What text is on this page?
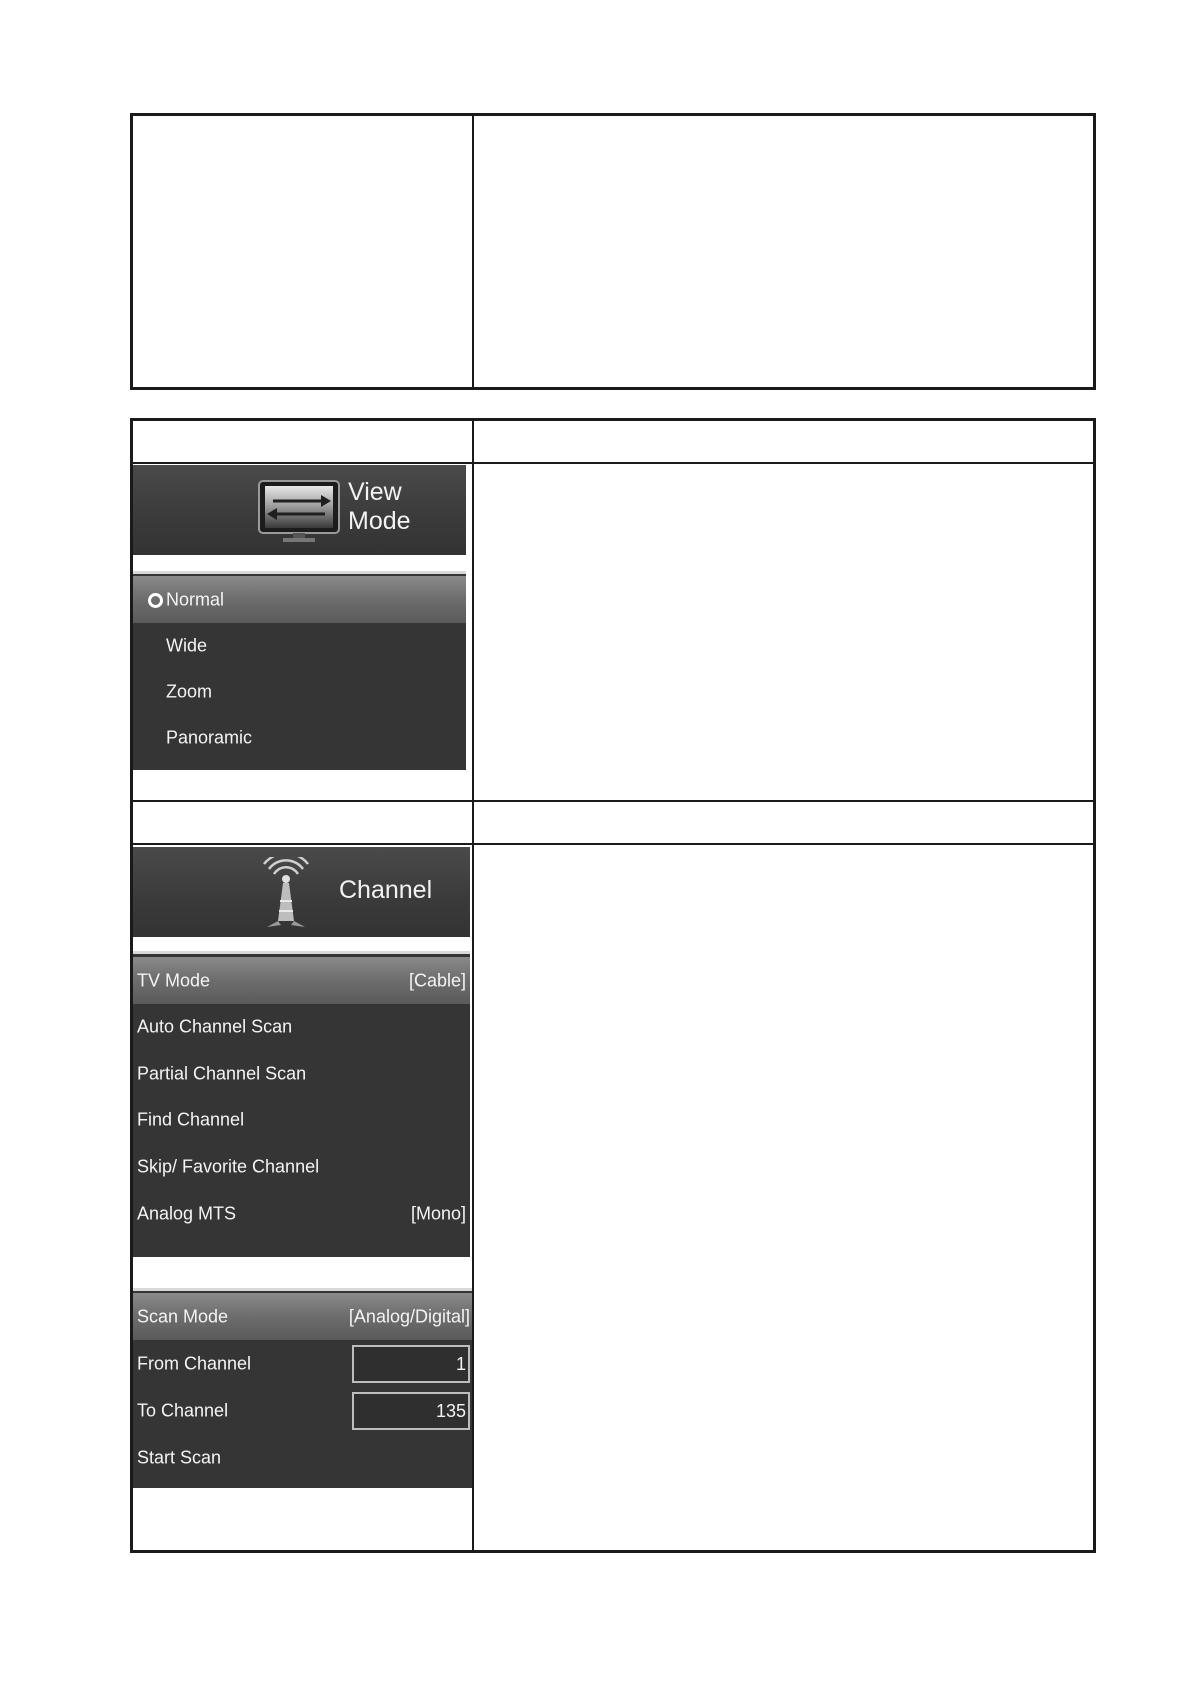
View
Mode
Normal
Wide
Zoom
Panoramic
Channel
TV Mode	[Cable]
Auto Channel Scan
Partial Channel Scan
Find Channel
Skip/ Favorite Channel
Analog MTS	[Mono]
Scan Mode	[Analog/Digital]
From Channel	1
To Channel	135
Start Scan
